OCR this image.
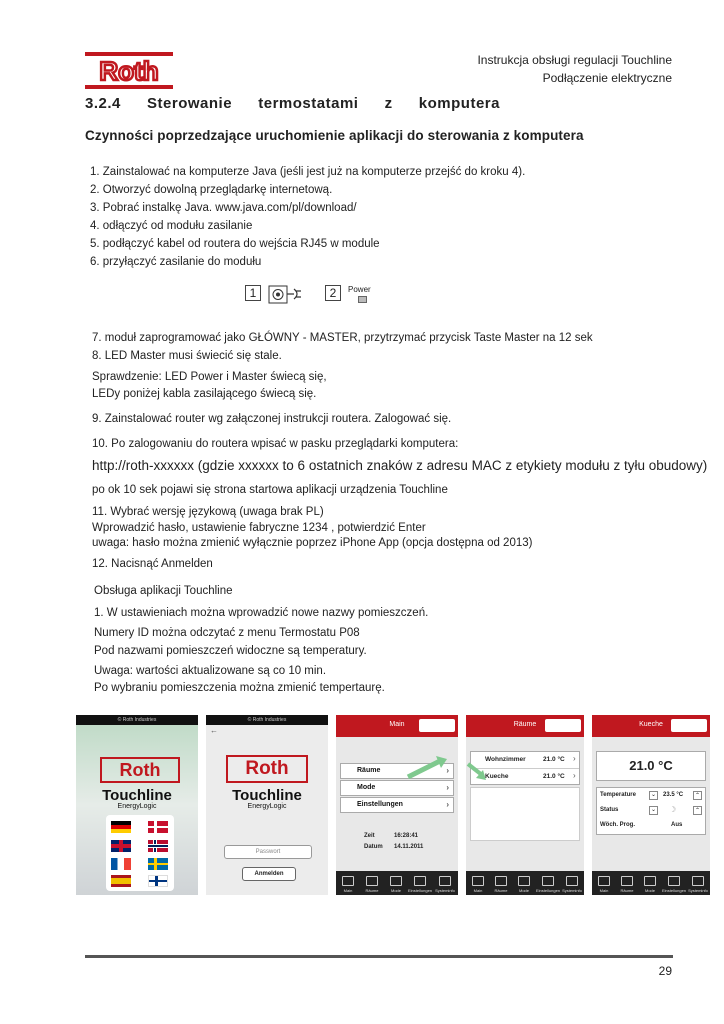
Roth	Instrukcja obsługi regulacji Touchline
Podłączenie elektryczne
3.2.4 Sterowanie termostatami z komputera
Czynności poprzedzające uruchomienie aplikacji do sterowania z komputera
1. Zainstalować na komputerze Java (jeśli jest już na komputerze przejść do kroku 4).
2. Otworzyć dowolną przeglądarkę internetową.
3. Pobrać instalkę Java. www.java.com/pl/download/
4. odłączyć od modułu zasilanie
5. podłączyć kabel od routera do wejścia RJ45 w module
6. przyłączyć zasilanie do modułu
1	2	Power
7. moduł zaprogramować jako GŁÓWNY - MASTER, przytrzymać przycisk Taste Master na 12 sek
8. LED Master musi świecić się stale.
Sprawdzenie: LED Power i Master świecą się,
LEDy poniżej kabla zasilającego świecą się.
9. Zainstalować router wg załączonej instrukcji routera. Zalogować się.
10. Po zalogowaniu do routera wpisać w pasku przeglądarki komputera:
http://roth-xxxxxx (gdzie xxxxxx to 6 ostatnich znaków z adresu MAC z etykiety modułu z tyłu obudowy)
po ok 10 sek pojawi się strona startowa aplikacji urządzenia Touchline
11. Wybrać wersję językową (uwaga brak PL)
Wprowadzić hasło, ustawienie fabryczne 1234 , potwierdzić Enter
uwaga: hasło można zmienić wyłącznie poprzez iPhone App (opcja dostępna od 2013)
12. Nacisnąć Anmelden
Obsługa aplikacji Touchline
1. W ustawieniach można wprowadzić nowe nazwy pomieszczeń.
Numery ID można odczytać z menu Termostatu P08
Pod nazwami pomieszczeń widoczne są temperatury.
Uwaga: wartości aktualizowane są co 10 min.
Po wybraniu pomieszczenia można zmienić tempertaurę.
© Roth Industries
Roth
Touchline
EnergyLogic
© Roth Industries
←
Roth
Touchline
EnergyLogic
Passwort
Anmelden
Main
Räume	›
Mode	›
Einstellungen	›
Zeit	16:28:41
Datum 14.11.2011
Main	Räume	Mode	Einstellungen Systeminfo
Räume
Wohnzimmer	21.0 °C ›
Kueche	21.0 °C ›
Main	Räume	Mode	Einstellungen Systeminfo
Kueche
21.0 °C
Temperature	⌄	23.5 °C	⌃
Status	⌄ ☽	⌃
Wöch. Prog.	Aus
Main	Räume	Mode	Einstellungen Systeminfo
29
